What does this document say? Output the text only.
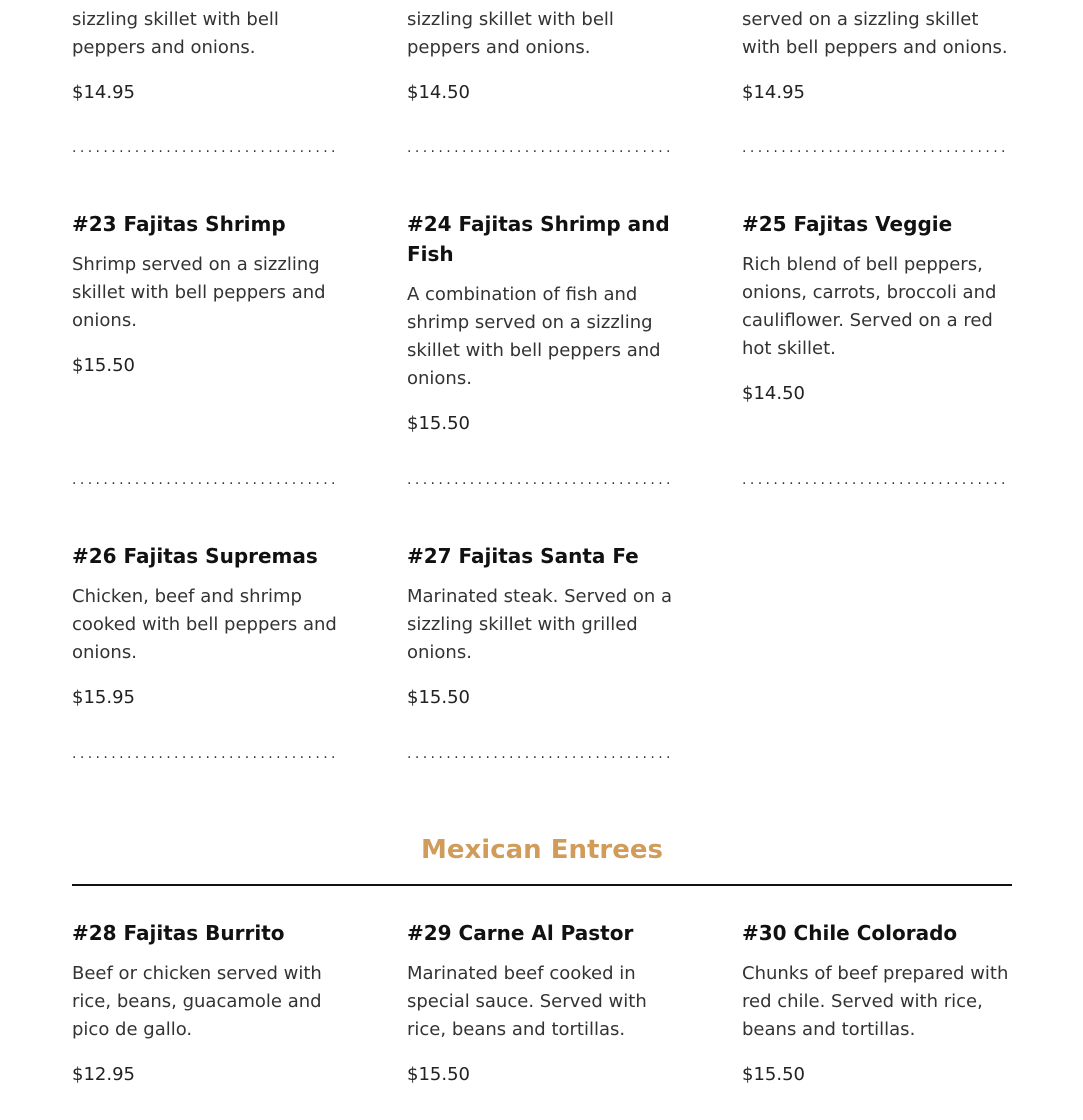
sizzling skillet with bell peppers and onions.

$14.95

sizzling skillet with bell peppers and onions.

$14.50

served on a sizzling skillet with bell peppers and onions.

$14.95

..................................	..................................	..................................

#23 Fajitas Shrimp

Shrimp served on a sizzling skillet with bell peppers and onions.

$15.50

#24 Fajitas Shrimp and Fish

A combination of fish and shrimp served on a sizzling skillet with bell peppers and onions.

$15.50

#25 Fajitas Veggie

Rich blend of bell peppers, onions, carrots, broccoli and cauliflower. Served on a red hot skillet.

$14.50

..................................	..................................	..................................

#26 Fajitas Supremas

Chicken, beef and shrimp cooked with bell peppers and onions.

$15.95

#27 Fajitas Santa Fe

Marinated steak. Served on a sizzling skillet with grilled onions.

$15.50

..................................	..................................
Mexican Entrees

#28 Fajitas Burrito

Beef or chicken served with rice, beans, guacamole and pico de gallo.

$12.95

#29 Carne Al Pastor

Marinated beef cooked in special sauce. Served with rice, beans and tortillas.

$15.50

#30 Chile Colorado

Chunks of beef prepared with red chile. Served with rice, beans and tortillas.

$15.50
